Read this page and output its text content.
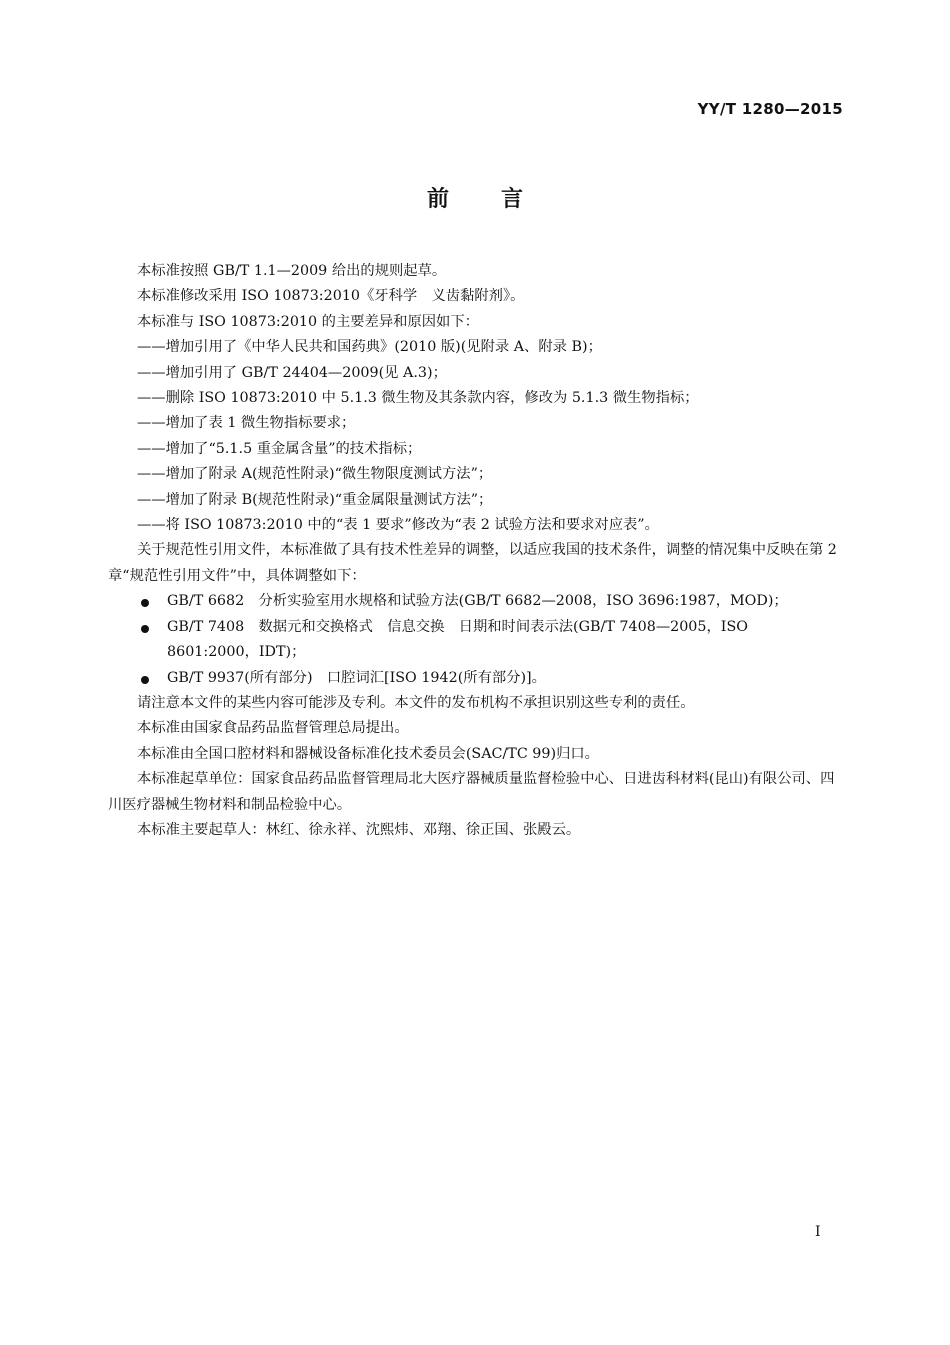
YY/T 1280—2015
前言

本标准按照 GB/T 1.1—2009 给出的规则起草。

本标准修改采用 ISO 10873:2010《牙科学　义齿黏附剂》。

本标准与 ISO 10873:2010 的主要差异和原因如下：

——增加引用了《中华人民共和国药典》(2010 版)(见附录 A、附录 B)；

——增加引用了 GB/T 24404—2009(见 A.3)；

——删除 ISO 10873:2010 中 5.1.3 微生物及其条款内容，修改为 5.1.3 微生物指标；

——增加了表 1 微生物指标要求；

——增加了“5.1.5 重金属含量”的技术指标；

——增加了附录 A(规范性附录)“微生物限度测试方法”；

——增加了附录 B(规范性附录)“重金属限量测试方法”；

——将 ISO 10873:2010 中的“表 1 要求”修改为“表 2 试验方法和要求对应表”。

关于规范性引用文件，本标准做了具有技术性差异的调整，以适应我国的技术条件，调整的情况集中反映在第 2 章“规范性引用文件”中，具体调整如下：

GB/T 6682　分析实验室用水规格和试验方法(GB/T 6682—2008，ISO 3696:1987，MOD)；
GB/T 7408　数据元和交换格式　信息交换　日期和时间表示法(GB/T 7408—2005，ISO 8601:2000，IDT)；
GB/T 9937(所有部分)　口腔词汇[ISO 1942(所有部分)]。

请注意本文件的某些内容可能涉及专利。本文件的发布机构不承担识别这些专利的责任。

本标准由国家食品药品监督管理总局提出。

本标准由全国口腔材料和器械设备标准化技术委员会(SAC/TC 99)归口。

本标准起草单位：国家食品药品监督管理局北大医疗器械质量监督检验中心、日进齿科材料(昆山)有限公司、四川医疗器械生物材料和制品检验中心。

本标准主要起草人：林红、徐永祥、沈熙炜、邓翔、徐正国、张殿云。

I
